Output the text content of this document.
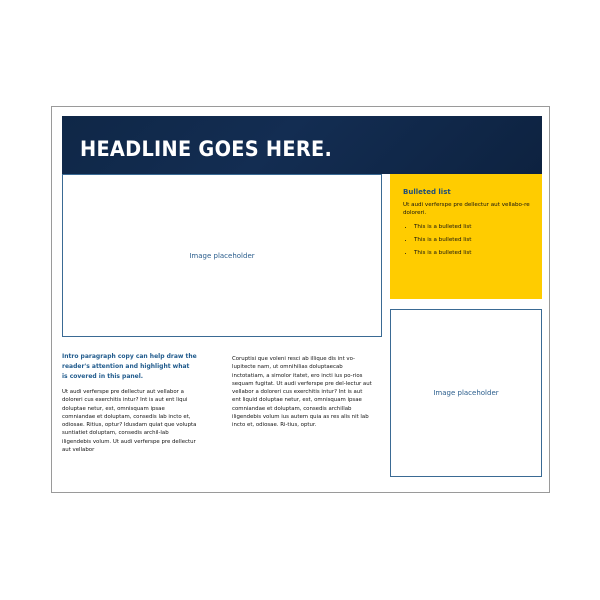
HEADLINE GOES HERE.
Image placeholder
Bulleted list

Ut audi verferspe pre dellectur aut vellabo-re doloreri.

• This is a bulleted list
• This is a bulleted list
• This is a bulleted list
Image placeholder

Intro paragraph copy can help draw the reader's attention and highlight what is covered in this panel.

Ut audi verferspe pre dellectur aut vellabor a doloreri cus exerchitis intur? Int is aut ent liqui doluptae netur, est, omnisquam ipsae comniandae et doluptam, consedis lab incto et, odiosae. Ritius, optur? Idusdam quiat que volupta suntiatiet doluptam, consedis archil-lab iligendebis volum. Ut audi verferspe pre dellectur aut vellabor

Coruptisi que voleni resci ab illique dis int vo-lupitecte nam, ut omnihilias doluptaecab inctotatiam, a simolor itatet, ero incti ius po-rios sequam fugitat. Ut audi verferspe pre del-lectur aut vellabor a doloreri cus exerchitis intur? Int is aut ent liquid doluptae netur, est, omnisquam ipsae comniandae et doluptam, consedis archillab iligendebis volum ius autem quia as res alis nit lab incto et, odiosae. Ri-tius, optur.
